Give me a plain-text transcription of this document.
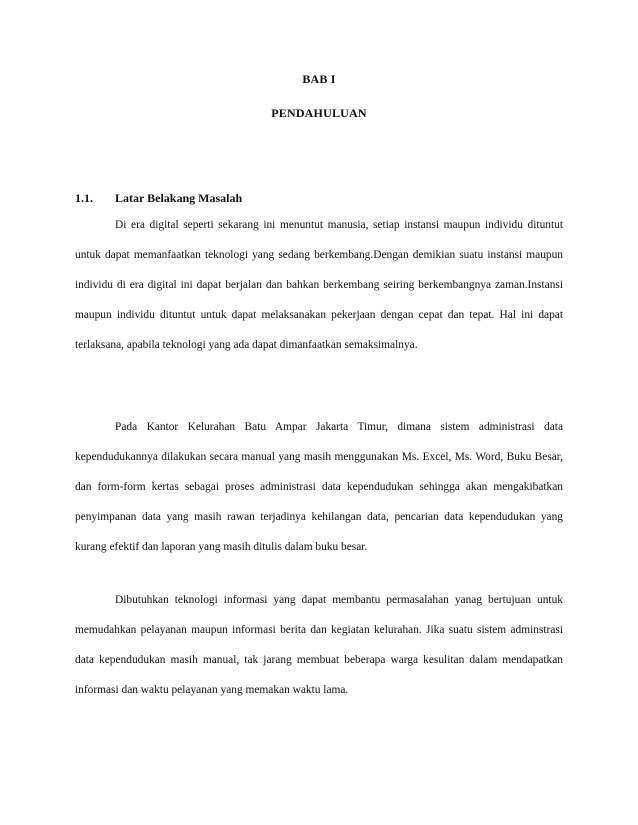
BAB I
PENDAHULUAN
1.1.	Latar Belakang Masalah

Di era digital seperti sekarang ini menuntut manusia, setiap instansi maupun individu dituntut untuk dapat memanfaatkan teknologi yang sedang berkembang.Dengan demikian suatu instansi maupun individu di era digital ini dapat berjalan dan bahkan berkembang seiring berkembangnya zaman.Instansi maupun individu dituntut untuk dapat melaksanakan pekerjaan dengan cepat dan tepat. Hal ini dapat terlaksana, apabila teknologi yang ada dapat dimanfaatkan semaksimalnya.

Pada Kantor Kelurahan Batu Ampar Jakarta Timur, dimana sistem administrasi data kependudukannya dilakukan secara manual yang masih menggunakan Ms. Excel, Ms. Word, Buku Besar, dan form-form kertas sebagai proses administrasi data kependudukan sehingga akan mengakibatkan penyimpanan data yang masih rawan terjadinya kehilangan data, pencarian data kependudukan yang kurang efektif dan laporan yang masih ditulis dalam buku besar.

Dibutuhkan teknologi informasi yang dapat membantu permasalahan yanag bertujuan untuk memudahkan pelayanan maupun informasi berita dan kegiatan kelurahan. Jika suatu sistem adminstrasi data kependudukan masih manual, tak jarang membuat beberapa warga kesulitan dalam mendapatkan informasi dan waktu pelayanan yang memakan waktu lama.
